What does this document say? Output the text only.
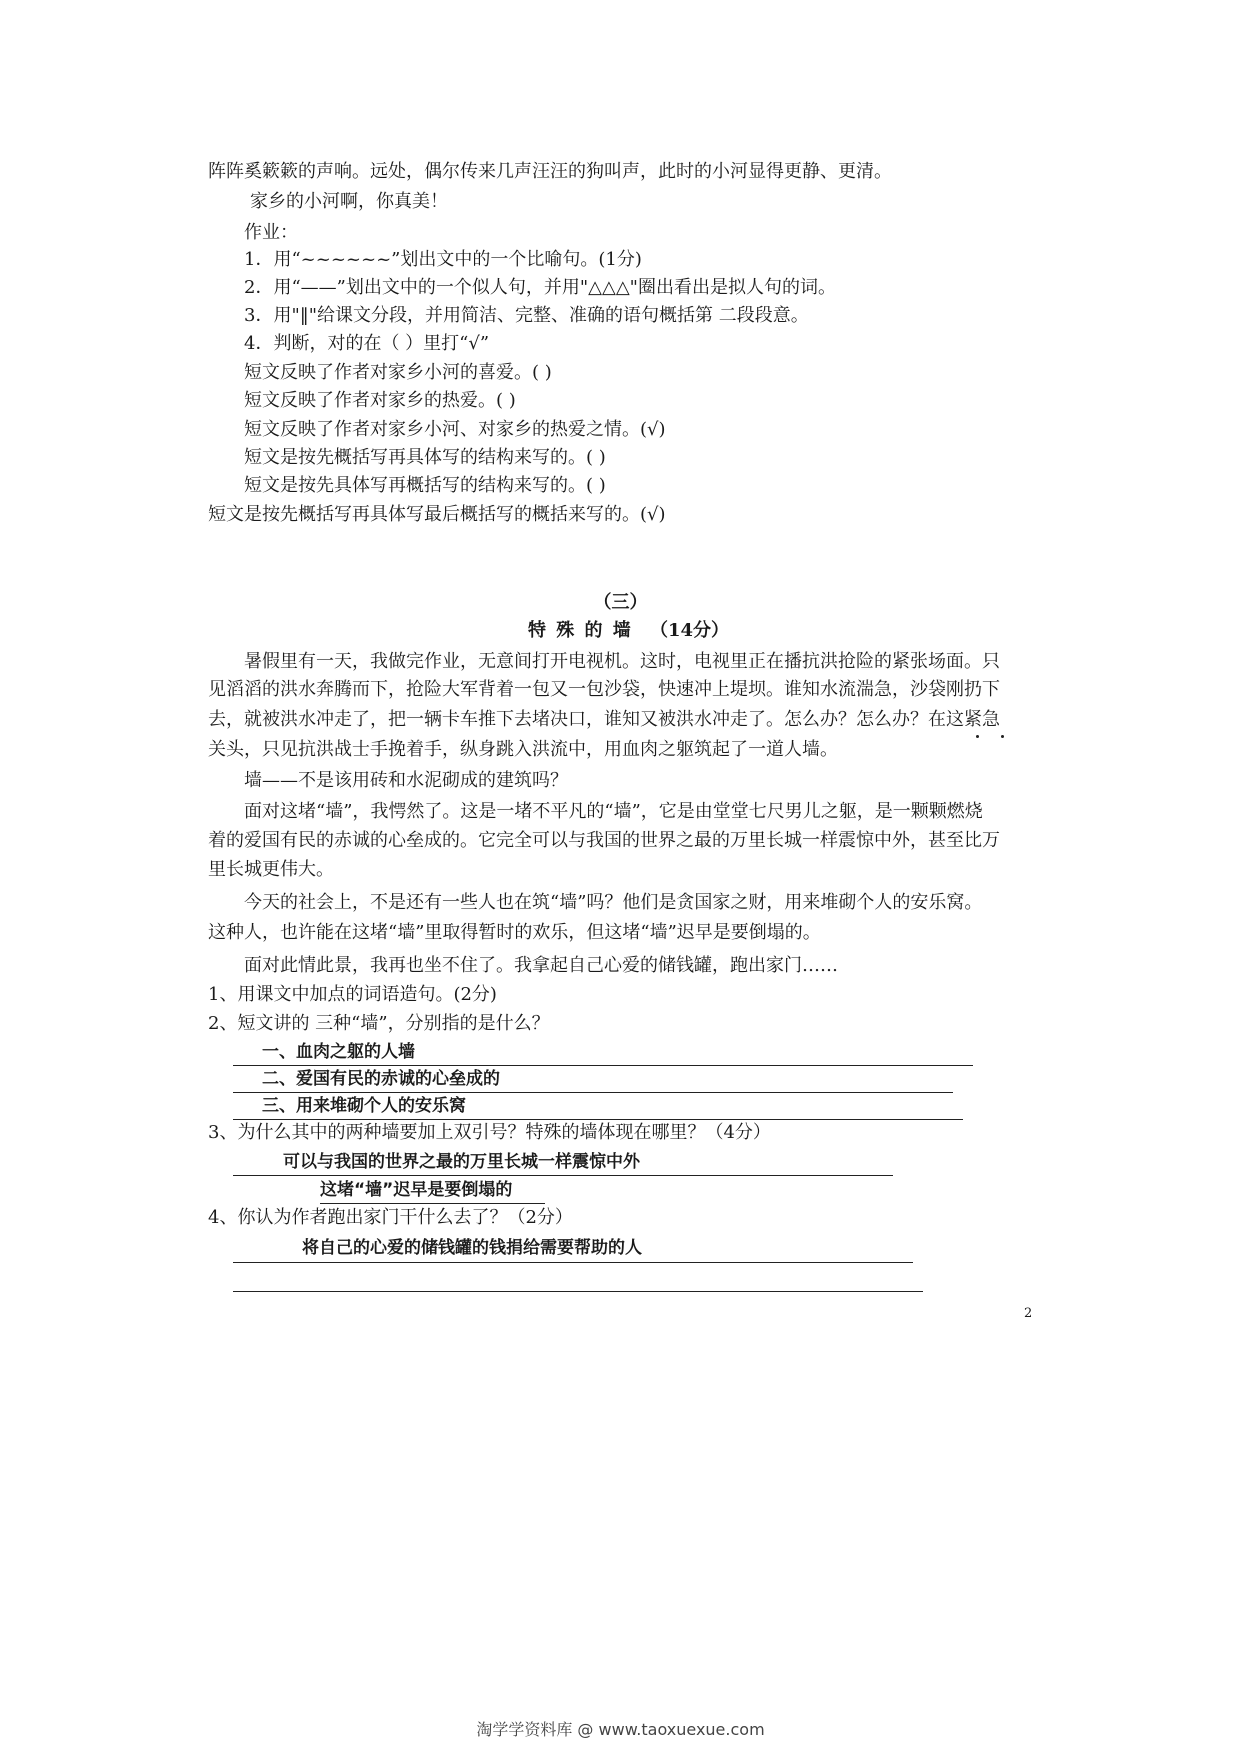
阵阵奚簌簌的声响。远处，偶尔传来几声汪汪的狗叫声，此时的小河显得更静、更清。
家乡的小河啊，你真美！
作业：
1．用“~~~~~~”划出文中的一个比喻句。(1分)
2．用“——”划出文中的一个似人句，并用"△△△"圈出看出是拟人句的词。
3．用"‖"给课文分段，并用简洁、完整、准确的语句概括第 二段段意。
4．判断，对的在（ ）里打“√”
短文反映了作者对家乡小河的喜爱。( )
短文反映了作者对家乡的热爱。( )
短文反映了作者对家乡小河、对家乡的热爱之情。(√)
短文是按先概括写再具体写的结构来写的。( )
短文是按先具体写再概括写的结构来写的。( )
短文是按先概括写再具体写最后概括写的概括来写的。(√)
（三）
特 殊 的 墙 （14分）
暑假里有一天，我做完作业，无意间打开电视机。这时，电视里正在播抗洪抢险的紧张场面。只
见滔滔的洪水奔腾而下，抢险大军背着一包又一包沙袋，快速冲上堤坝。谁知水流湍急，沙袋刚扔下
去，就被洪水冲走了，把一辆卡车推下去堵决口，谁知又被洪水冲走了。怎么办？怎么办？在这紧急
关头，只见抗洪战士手挽着手，纵身跳入洪流中，用血肉之躯筑起了一道人墙。
墙——不是该用砖和水泥砌成的建筑吗？
面对这堵“墙”，我愕然了。这是一堵不平凡的“墙”，它是由堂堂七尺男儿之躯，是一颗颗燃烧
着的爱国有民的赤诚的心垒成的。它完全可以与我国的世界之最的万里长城一样震惊中外，甚至比万
里长城更伟大。
今天的社会上，不是还有一些人也在筑“墙”吗？他们是贪国家之财，用来堆砌个人的安乐窝。
这种人，也许能在这堵“墙”里取得暂时的欢乐，但这堵“墙”迟早是要倒塌的。
面对此情此景，我再也坐不住了。我拿起自己心爱的储钱罐，跑出家门……
1、用课文中加点的词语造句。(2分)
2、短文讲的 三种“墙”，分别指的是什么？
一、血肉之躯的人墙
二、爱国有民的赤诚的心垒成的
三、用来堆砌个人的安乐窝
3、为什么其中的两种墙要加上双引号？特殊的墙体现在哪里？（4分）
可以与我国的世界之最的万里长城一样震惊中外
这堵“墙”迟早是要倒塌的
4、你认为作者跑出家门干什么去了？（2分）
将自己的心爱的储钱罐的钱捐给需要帮助的人
2
淘学学资料库 @ www.taoxuexue.com
